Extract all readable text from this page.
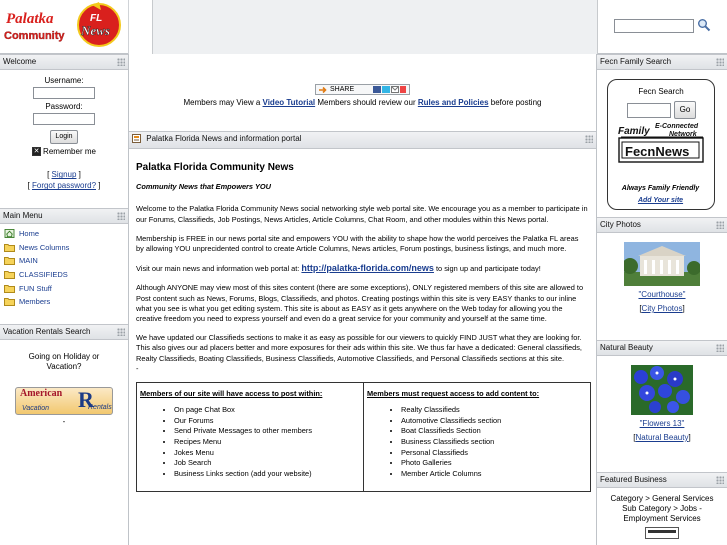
Palatka
Community
FL
News
Welcome
Username:
Password:
Login
✕ Remember me
[ Signup ]
[ Forgot password? ]
Main Menu
Home
News Columns
MAIN
CLASSIFIEDS
FUN Stuff
Members
Vacation Rentals Search
Going on Holiday or Vacation?
American
Vacation R
Rentals
-
SHARE
Members may View a Video Tutorial Members should review our Rules and Policies before posting
Palatka Florida News and information portal
Palatka Florida Community News
Community News that Empowers YOU

Welcome to the Palatka Florida Community News social networking style web portal site. We encourage you as a member to participate in our Forums, Classifieds, Job Postings, News Articles, Article Columns, Chat Room, and other modules within this News portal.

Membership is FREE in our news portal site and empowers YOU with the ability to shape how the world perceives the Palatka FL areas by allowing YOU unprecidented control to create Article Columns, News articles, Forum postings, business listings, and much more.

Visit our main news and information web portal at: http://palatka-florida.com/news to sign up and participate today!

Although ANYONE may view most of this sites content (there are some exceptions), ONLY registered members of this site are allowed to Post content such as News, Forums, Blogs, Classifieds, and photos. Creating postings within this site is very EASY thanks to our inline what you see is what you get editing system. This site is about as EASY as it gets anywhere on the Web today for allowing you the creative freedom you need to express yourself and even do a great service for your community and yourself at the same time.

We have updated our Classifieds sections to make it as easy as possible for our viewers to quickly FIND JUST what they are looking for. This also gives our ad placers better and more exposures for their ads within this site. We thus far have a dedicated: General classifieds, Realty Classifieds, Boating Classifieds, Business Classifieds, Automotive Classifieds, and Personal Classifieds sections at this site.

-
Members of our site will have access to post within:
• On page Chat Box
• Our Forums
• Send Private Messages to other members
• Recipes Menu
• Jokes Menu
• Job Search
• Business Links section (add your website)
Members must request access to add content to:
• Realty Classifieds
• Automotive Classifieds section
• Boat Classifieds Section
• Business Classifieds section
• Personal Classifieds
• Photo Galleries
• Member Article Columns
Fecn Family Search
Fecn Search
Go
Family E-Connected
Network
FecnNews
Always Family Friendly
Add Your site
City Photos
"Courthouse"
[City Photos]
Natural Beauty
"Flowers 13"
[Natural Beauty]
Featured Business
Category > General Services
Sub Category > Jobs - Employment Services
